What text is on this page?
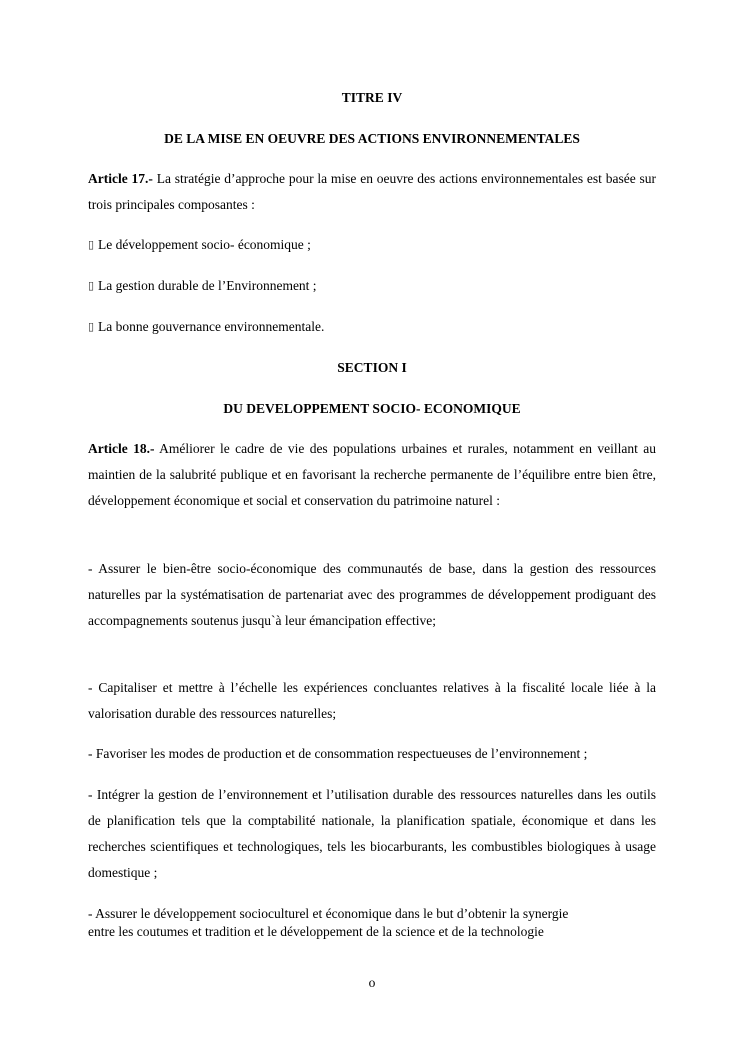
TITRE IV
DE LA MISE EN OEUVRE DES ACTIONS ENVIRONNEMENTALES
Article 17.- La stratégie d’approche pour la mise en oeuvre des actions environnementales est basée sur trois principales composantes :
▯ Le développement socio- économique ;
▯ La gestion durable de l’Environnement ;
▯ La bonne gouvernance environnementale.
SECTION I
DU DEVELOPPEMENT SOCIO- ECONOMIQUE
Article 18.- Améliorer le cadre de vie des populations urbaines et rurales, notamment en veillant au maintien de la salubrité publique et en favorisant la recherche permanente de l’équilibre entre bien être, développement économique et social et conservation du patrimoine naturel :
- Assurer le bien-être socio-économique des communautés de base, dans la gestion des ressources naturelles par la systématisation de partenariat avec des programmes de développement prodiguant des accompagnements soutenus jusqu`à leur émancipation effective;
- Capitaliser et mettre à l’échelle les expériences concluantes relatives à la fiscalité locale liée à la valorisation durable des ressources naturelles;
- Favoriser les modes de production et de consommation respectueuses de l’environnement ;
- Intégrer la gestion de l’environnement et l’utilisation durable des ressources naturelles dans les outils de planification tels que la comptabilité nationale, la planification spatiale, économique et dans les recherches scientifiques et technologiques, tels les biocarburants, les combustibles biologiques à usage domestique ;
- Assurer le développement socioculturel et économique dans le but d’obtenir la synergie
entre les coutumes et tradition et le développement de la science et de la technologie
o
